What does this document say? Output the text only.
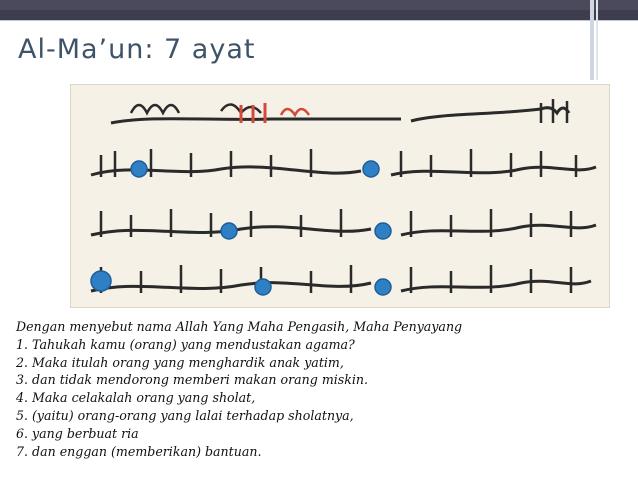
Al-Ma’un: 7 ayat
Dengan menyebut nama Allah Yang Maha Pengasih, Maha Penyayang
1. Tahukah kamu (orang) yang mendustakan agama?
2. Maka itulah orang yang menghardik anak yatim,
3. dan tidak mendorong memberi makan orang miskin.
4. Maka celakalah orang yang sholat,
5. (yaitu) orang-orang yang lalai terhadap sholatnya,
6. yang berbuat ria
7. dan enggan (memberikan) bantuan.
